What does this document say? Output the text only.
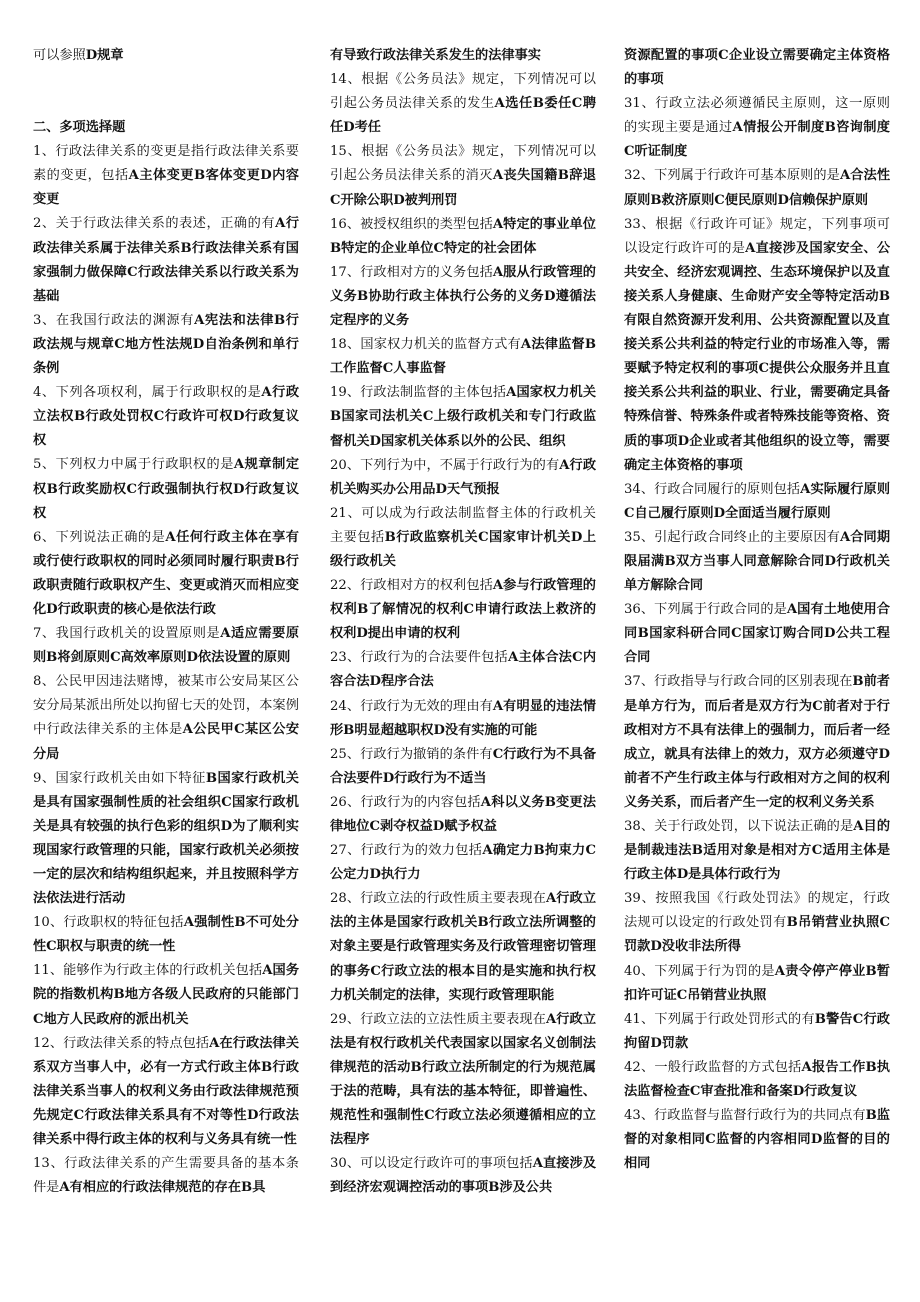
可以参照D规章

二、多项选择题

1、行政法律关系的变更是指行政法律关系要素的变更，包括A主体变更B客体变更D内容变更

2、关于行政法律关系的表述，正确的有A行政法律关系属于法律关系B行政法律关系有国家强制力做保障C行政法律关系以行政关系为基础

3、在我国行政法的渊源有A宪法和法律B行政法规与规章C地方性法规D自治条例和单行条例

4、下列各项权利，属于行政职权的是A行政立法权B行政处罚权C行政许可权D行政复议权

5、下列权力中属于行政职权的是A规章制定权B行政奖励权C行政强制执行权D行政复议权

6、下列说法正确的是A任何行政主体在享有或行使行政职权的同时必须同时履行职责B行政职责随行政职权产生、变更或消灭而相应变化D行政职责的核心是依法行政

7、我国行政机关的设置原则是A适应需要原则B将剑原则C高效率原则D依法设置的原则

8、公民甲因违法赌博，被某市公安局某区公安分局某派出所处以拘留七天的处罚，本案例中行政法律关系的主体是A公民甲C某区公安分局

9、国家行政机关由如下特征B国家行政机关是具有国家强制性质的社会组织C国家行政机关是具有较强的执行色彩的组织D为了顺利实现国家行政管理的只能，国家行政机关必须按一定的层次和结构组织起来，并且按照科学方法依法进行活动

10、行政职权的特征包括A强制性B不可处分性C职权与职责的统一性

11、能够作为行政主体的行政机关包括A国务院的指数机构B地方各级人民政府的只能部门C地方人民政府的派出机关

12、行政法律关系的特点包括A在行政法律关系双方当事人中，必有一方式行政主体B行政法律关系当事人的权利义务由行政法律规范预先规定C行政法律关系具有不对等性D行政法律关系中得行政主体的权利与义务具有统一性

13、行政法律关系的产生需要具备的基本条件是A有相应的行政法律规范的存在B具

有导致行政法律关系发生的法律事实

14、根据《公务员法》规定，下列情况可以引起公务员法律关系的发生A选任B委任C聘任D考任

15、根据《公务员法》规定，下列情况可以引起公务员法律关系的消灭A丧失国籍B辞退C开除公职D被判刑罚

16、被授权组织的类型包括A特定的事业单位B特定的企业单位C特定的社会团体

17、行政相对方的义务包括A服从行政管理的义务B协助行政主体执行公务的义务D遵循法定程序的义务

18、国家权力机关的监督方式有A法律监督B工作监督C人事监督

19、行政法制监督的主体包括A国家权力机关B国家司法机关C上级行政机关和专门行政监督机关D国家机关体系以外的公民、组织

20、下列行为中，不属于行政行为的有A行政机关购买办公用品D天气预报

21、可以成为行政法制监督主体的行政机关主要包括B行政监察机关C国家审计机关D上级行政机关

22、行政相对方的权利包括A参与行政管理的权利B了解情况的权利C申请行政法上救济的权利D提出申请的权利

23、行政行为的合法要件包括A主体合法C内容合法D程序合法

24、行政行为无效的理由有A有明显的违法情形B明显超越职权D没有实施的可能

25、行政行为撤销的条件有C行政行为不具备合法要件D行政行为不适当

26、行政行为的内容包括A科以义务B变更法律地位C剥夺权益D赋予权益

27、行政行为的效力包括A确定力B拘束力C公定力D执行力

28、行政立法的行政性质主要表现在A行政立法的主体是国家行政机关B行政立法所调整的对象主要是行政管理实务及行政管理密切管理的事务C行政立法的根本目的是实施和执行权力机关制定的法律，实现行政管理职能

29、行政立法的立法性质主要表现在A行政立法是有权行政机关代表国家以国家名义创制法律规范的活动B行政立法所制定的行为规范属于法的范畴，具有法的基本特征，即普遍性、规范性和强制性C行政立法必须遵循相应的立法程序

30、可以设定行政许可的事项包括A直接涉及到经济宏观调控活动的事项B涉及公共

资源配置的事项C企业设立需要确定主体资格的事项

31、行政立法必须遵循民主原则，这一原则的实现主要是通过A情报公开制度B咨询制度C听证制度

32、下列属于行政许可基本原则的是A合法性原则B救济原则C便民原则D信赖保护原则

33、根据《行政许可证》规定，下列事项可以设定行政许可的是A直接涉及国家安全、公共安全、经济宏观调控、生态环境保护以及直接关系人身健康、生命财产安全等特定活动B有限自然资源开发利用、公共资源配置以及直接关系公共利益的特定行业的市场准入等，需要赋予特定权利的事项C提供公众服务并且直接关系公共利益的职业、行业，需要确定具备特殊信誉、特殊条件或者特殊技能等资格、资质的事项D企业或者其他组织的设立等，需要确定主体资格的事项

34、行政合同履行的原则包括A实际履行原则C自己履行原则D全面适当履行原则

35、引起行政合同终止的主要原因有A合同期限届满B双方当事人同意解除合同D行政机关单方解除合同

36、下列属于行政合同的是A国有土地使用合同B国家科研合同C国家订购合同D公共工程合同

37、行政指导与行政合同的区别表现在B前者是单方行为，而后者是双方行为C前者对于行政相对方不具有法律上的强制力，而后者一经成立，就具有法律上的效力，双方必须遵守D前者不产生行政主体与行政相对方之间的权利义务关系，而后者产生一定的权利义务关系

38、关于行政处罚，以下说法正确的是A目的是制裁违法B适用对象是相对方C适用主体是行政主体D是具体行政行为

39、按照我国《行政处罚法》的规定，行政法规可以设定的行政处罚有B吊销营业执照C罚款D没收非法所得

40、下列属于行为罚的是A责令停产停业B暂扣许可证C吊销营业执照

41、下列属于行政处罚形式的有B警告C行政拘留D罚款

42、一般行政监督的方式包括A报告工作B执法监督检查C审查批准和备案D行政复议

43、行政监督与监督行政行为的共同点有B监督的对象相同C监督的内容相同D监督的目的相同
